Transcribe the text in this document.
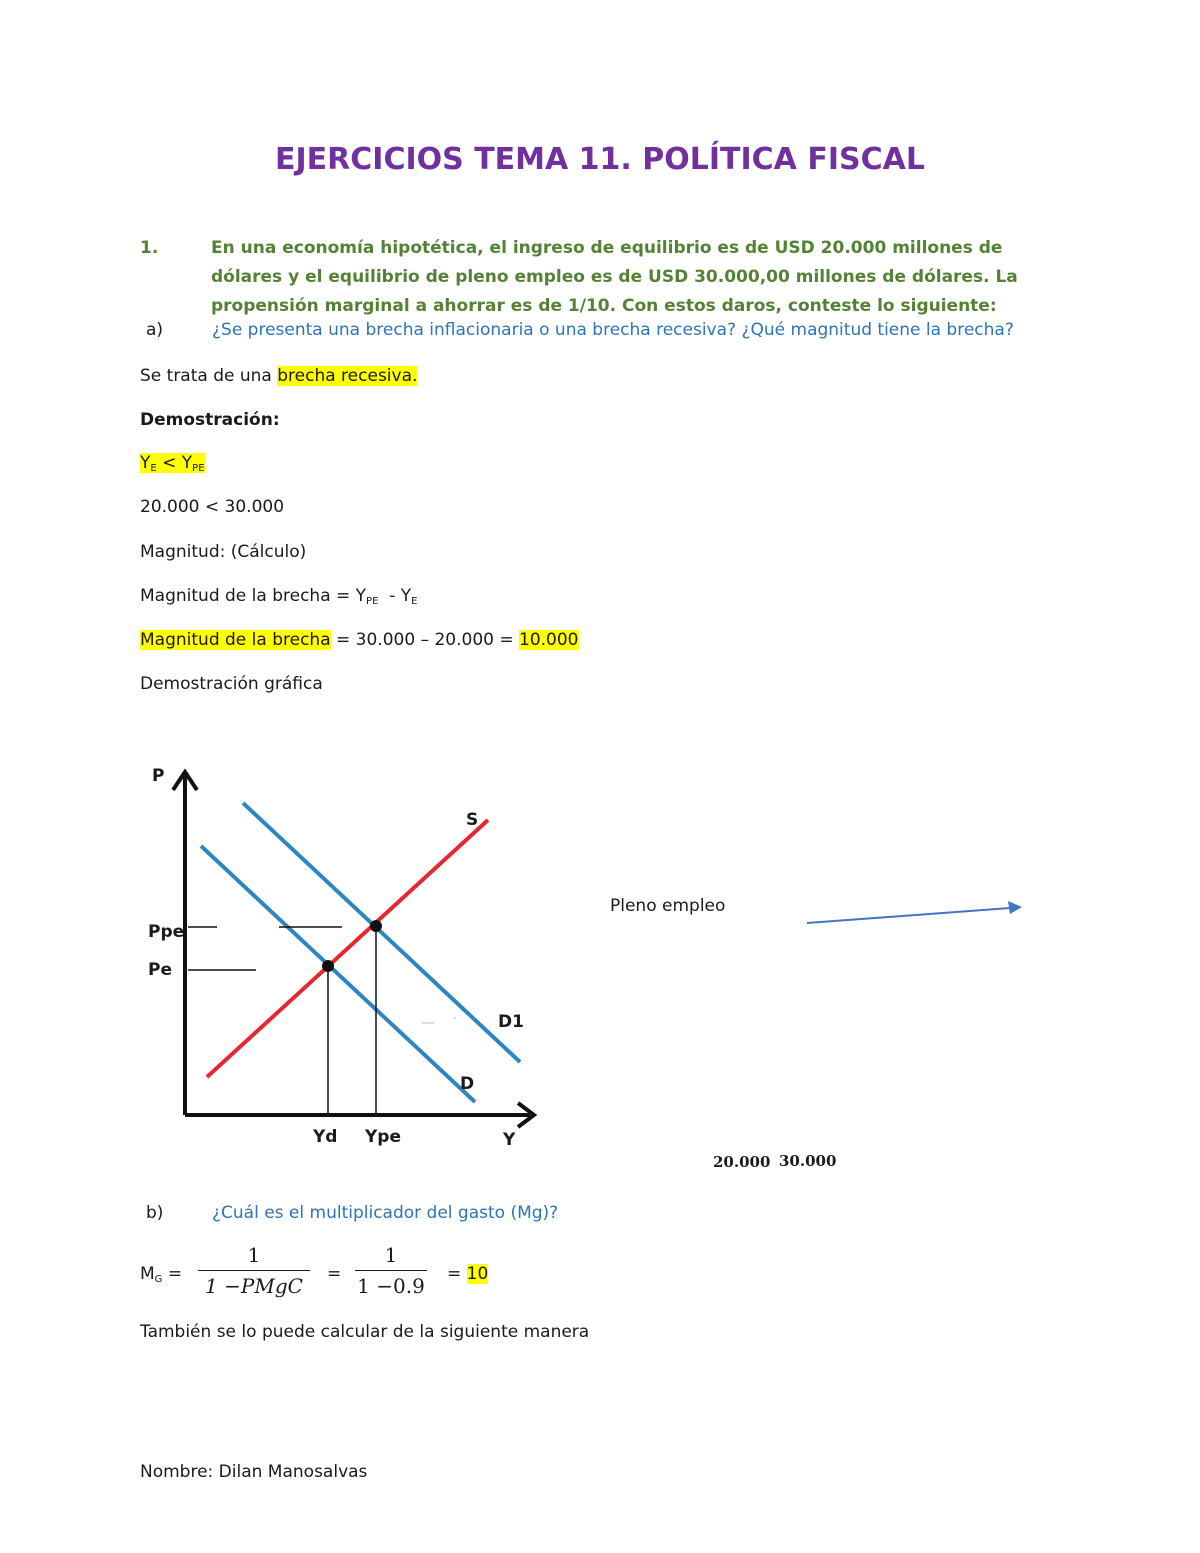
EJERCICIOS TEMA 11. POLÍTICA FISCAL
1.	En una economía hipotética, el ingreso de equilibrio es de USD 20.000 millones de dólares y el equilibrio de pleno empleo es de USD 30.000,00 millones de dólares. La propensión marginal a ahorrar es de 1/10. Con estos daros, conteste lo siguiente:
a)	¿Se presenta una brecha inflacionaria o una brecha recesiva? ¿Qué magnitud tiene la brecha?
Se trata de una brecha recesiva.
Demostración:
$Y_E < Y_{PE}$
20.000 < 30.000
Magnitud: (Cálculo)
Magnitud de la brecha = $Y_{PE} - Y_E$
Magnitud de la brecha = 30.000 – 20.000 = 10.000
Demostración gráfica
P
S
Ppe
Pe
D1
D
Yd Ype	Y
Pleno empleo
20.000 30.000
b)	¿Cuál es el multiplicador del gasto (Mg)?
$M_G$ =
1
1 −PMgC	= $\frac{1}{1 -0.9} = 10$
También se lo puede calcular de la siguiente manera
Nombre: Dilan Manosalvas
